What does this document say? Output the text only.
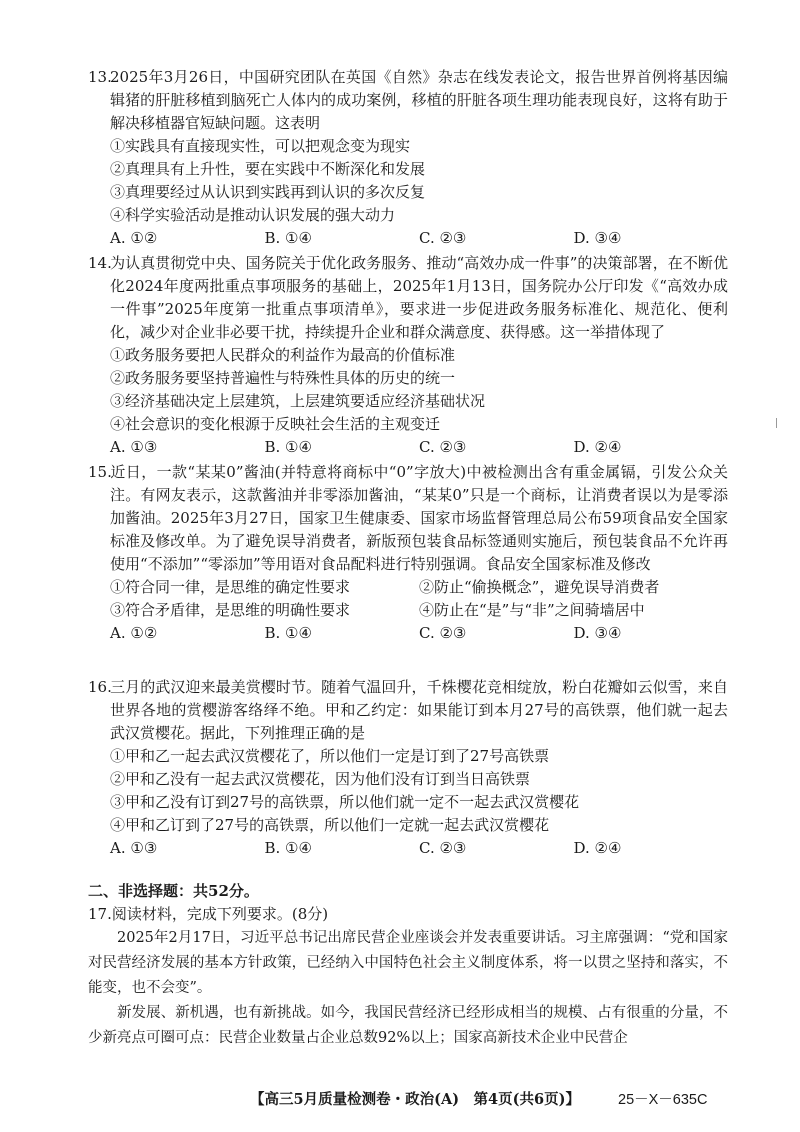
13.2025年3月26日，中国研究团队在英国《自然》杂志在线发表论文，报告世界首例将基因编辑猪的肝脏移植到脑死亡人体内的成功案例，移植的肝脏各项生理功能表现良好，这将有助于解决移植器官短缺问题。这表明

①实践具有直接现实性，可以把观念变为现实

②真理具有上升性，要在实践中不断深化和发展

③真理要经过从认识到实践再到认识的多次反复

④科学实验活动是推动认识发展的强大动力

A. ①②	B. ①④	C. ②③	D. ③④

14.为认真贯彻党中央、国务院关于优化政务服务、推动“高效办成一件事”的决策部署，在不断优化2024年度两批重点事项服务的基础上，2025年1月13日，国务院办公厅印发《“高效办成一件事”2025年度第一批重点事项清单》，要求进一步促进政务服务标准化、规范化、便利化，减少对企业非必要干扰，持续提升企业和群众满意度、获得感。这一举措体现了

①政务服务要把人民群众的利益作为最高的价值标准

②政务服务要坚持普遍性与特殊性具体的历史的统一

③经济基础决定上层建筑，上层建筑要适应经济基础状况

④社会意识的变化根源于反映社会生活的主观变迁

A. ①③	B. ①④	C. ②③	D. ②④

15.近日，一款“某某0”酱油(并特意将商标中“0”字放大)中被检测出含有重金属镉，引发公众关注。有网友表示，这款酱油并非零添加酱油，“某某0”只是一个商标，让消费者误以为是零添加酱油。2025年3月27日，国家卫生健康委、国家市场监督管理总局公布59项食品安全国家标准及修改单。为了避免误导消费者，新版预包装食品标签通则实施后，预包装食品不允许再使用“不添加”“零添加”等用语对食品配料进行特别强调。食品安全国家标准及修改

①符合同一律，是思维的确定性要求	②防止“偷换概念”，避免误导消费者
③符合矛盾律，是思维的明确性要求	④防止在“是”与“非”之间骑墙居中
A. ①②	B. ①④	C. ②③	D. ③④

16.三月的武汉迎来最美赏樱时节。随着气温回升，千株樱花竞相绽放，粉白花瓣如云似雪，来自世界各地的赏樱游客络绎不绝。甲和乙约定：如果能订到本月27号的高铁票，他们就一起去武汉赏樱花。据此，下列推理正确的是

①甲和乙一起去武汉赏樱花了，所以他们一定是订到了27号高铁票

②甲和乙没有一起去武汉赏樱花，因为他们没有订到当日高铁票

③甲和乙没有订到27号的高铁票，所以他们就一定不一起去武汉赏樱花

④甲和乙订到了27号的高铁票，所以他们一定就一起去武汉赏樱花

A. ①③	B. ①④	C. ②③	D. ②④

二、非选择题：共52分。

17.阅读材料，完成下列要求。(8分)

2025年2月17日，习近平总书记出席民营企业座谈会并发表重要讲话。习主席强调：“党和国家对民营经济发展的基本方针政策，已经纳入中国特色社会主义制度体系，将一以贯之坚持和落实，不能变，也不会变”。

新发展、新机遇，也有新挑战。如今，我国民营经济已经形成相当的规模、占有很重的分量，不少新亮点可圈可点：民营企业数量占企业总数92%以上；国家高新技术企业中民营企

【高三5月质量检测卷・政治(A)　第4页(共6页)】	25－X－635C
